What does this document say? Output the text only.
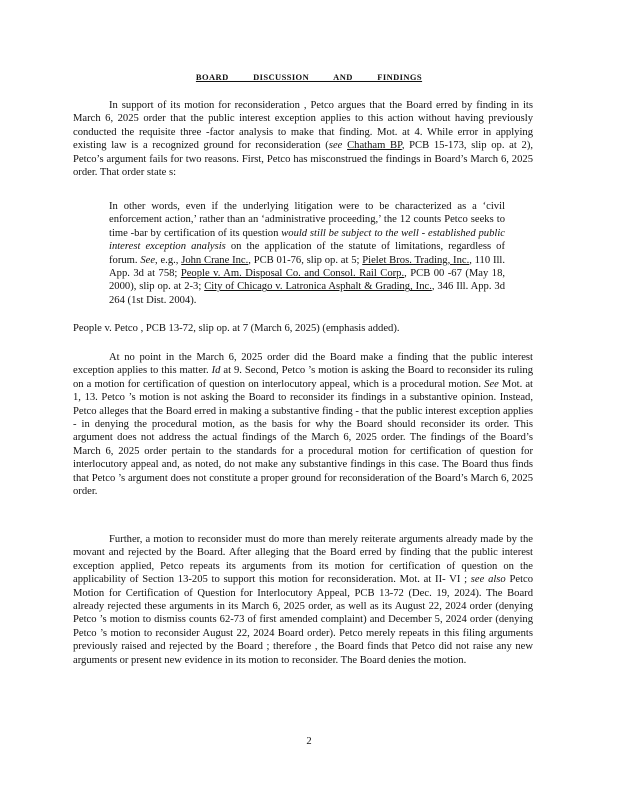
BOARD DISCUSSION AND FINDINGS

In support of its motion for reconsideration , Petco argues that the Board erred by finding in its March 6, 2025 order that the public interest exception applies to this action without having previously conducted the requisite three -factor analysis to make that finding. Mot. at 4. While error in applying existing law is a recognized ground for reconsideration (see Chatham BP, PCB 15-173, slip op. at 2), Petco’s argument fails for two reasons. First, Petco has misconstrued the findings in Board’s March 6, 2025 order. That order state s:

In other words, even if the underlying litigation were to be characterized as a ‘civil enforcement action,’ rather than an ‘administrative proceeding,’ the 12 counts Petco seeks to time -bar by certification of its question would still be subject to the well - established public interest exception analysis on the application of the statute of limitations, regardless of forum. See, e.g., John Crane Inc., PCB 01-76, slip op. at 5; Pielet Bros. Trading, Inc., 110 Ill. App. 3d at 758; People v. Am. Disposal Co. and Consol. Rail Corp., PCB 00 -67 (May 18, 2000), slip op. at 2-3; City of Chicago v. Latronica Asphalt & Grading, Inc., 346 Ill. App. 3d 264 (1st Dist. 2004).

People v. Petco , PCB 13-72, slip op. at 7 (March 6, 2025) (emphasis added).

At no point in the March 6, 2025 order did the Board make a finding that the public interest exception applies to this matter. Id at 9. Second, Petco ’s motion is asking the Board to reconsider its ruling on a motion for certification of question on interlocutory appeal, which is a procedural motion. See Mot. at 1, 13. Petco ’s motion is not asking the Board to reconsider its findings in a substantive opinion. Instead, Petco alleges that the Board erred in making a substantive finding - that the public interest exception applies - in denying the procedural motion, as the basis for why the Board should reconsider its order. This argument does not address the actual findings of the March 6, 2025 order. The findings of the Board’s March 6, 2025 order pertain to the standards for a procedural motion for certification of question for interlocutory appeal and, as noted, do not make any substantive findings in this case. The Board thus finds that Petco ’s argument does not constitute a proper ground for reconsideration of the Board’s March 6, 2025 order.

Further, a motion to reconsider must do more than merely reiterate arguments already made by the movant and rejected by the Board. After alleging that the Board erred by finding that the public interest exception applied, Petco repeats its arguments from its motion for certification of question on the applicability of Section 13-205 to support this motion for reconsideration. Mot. at II- VI ; see also Petco Motion for Certification of Question for Interlocutory Appeal, PCB 13-72 (Dec. 19, 2024). The Board already rejected these arguments in its March 6, 2025 order, as well as its August 22, 2024 order (denying Petco ’s motion to dismiss counts 62-73 of first amended complaint) and December 5, 2024 order (denying Petco ’s motion to reconsider August 22, 2024 Board order). Petco merely repeats in this filing arguments previously raised and rejected by the Board ; therefore , the Board finds that Petco did not raise any new arguments or present new evidence in its motion to reconsider. The Board denies the motion.

2
